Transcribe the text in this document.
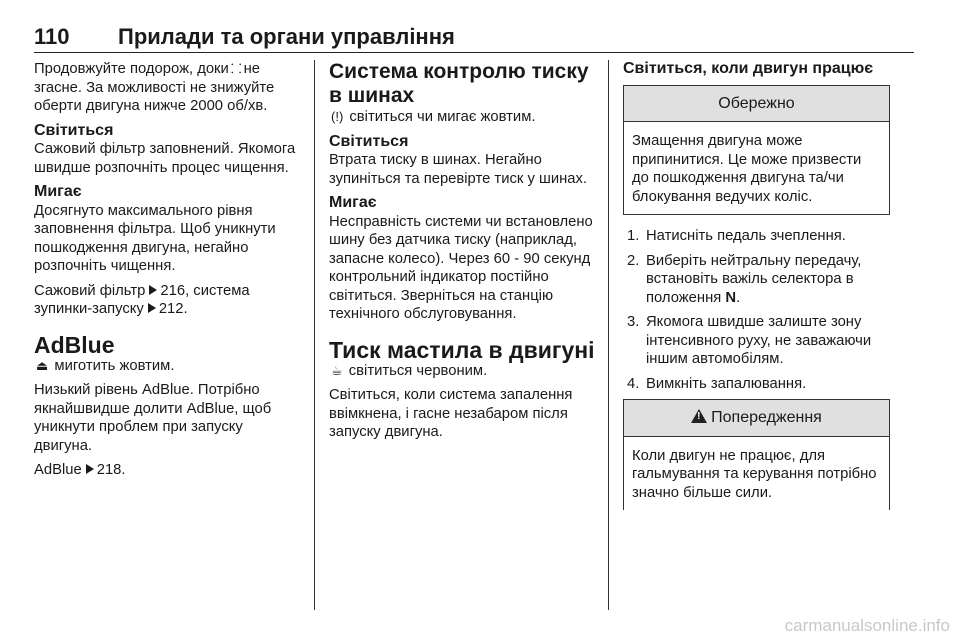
110 Прилади та органи управління

Продовжуйте подорож, доки ⸬ не згасне. За можливості не знижуйте оберти двигуна нижче 2000 об/хв.

Світиться

Сажовий фільтр заповнений. Якомога швидше розпочніть процес чищення.

Мигає

Досягнуто максимального рівня заповнення фільтра. Щоб уникнути пошкодження двигуна, негайно розпочніть чищення.

Сажовий фільтр 216, система зупинки-запуску 212.

AdBlue

⏏ миготить жовтим.

Низький рівень AdBlue. Потрібно якнайшвидше долити AdBlue, щоб уникнути проблем при запуску двигуна.

AdBlue 218.

Система контролю тиску в шинах

(!) світиться чи мигає жовтим.

Світиться

Втрата тиску в шинах. Негайно зупиніться та перевірте тиск у шинах.

Мигає

Несправність системи чи встановлено шину без датчика тиску (наприклад, запасне колесо). Через 60 - 90 секунд контрольний індикатор постійно світиться. Зверніться на станцію технічного обслуговування.

Тиск мастила в двигуні

☕ світиться червоним.

Світиться, коли система запалення ввімкнена, і гасне незабаром після запуску двигуна.

Світиться, коли двигун працює

Обережно
Змащення двигуна може припинитися. Це може призвести до пошкодження двигуна та/чи блокування ведучих коліс.
1. Натисніть педаль зчеплення.
2. Виберіть нейтральну передачу, встановіть важіль селектора в положення N.
3. Якомога швидше залиште зону інтенсивного руху, не заважаючи іншим автомобілям.
4. Вимкніть запалювання.
!Попередження
Коли двигун не працює, для гальмування та керування потрібно значно більше сили.
carmanualsonline.info
